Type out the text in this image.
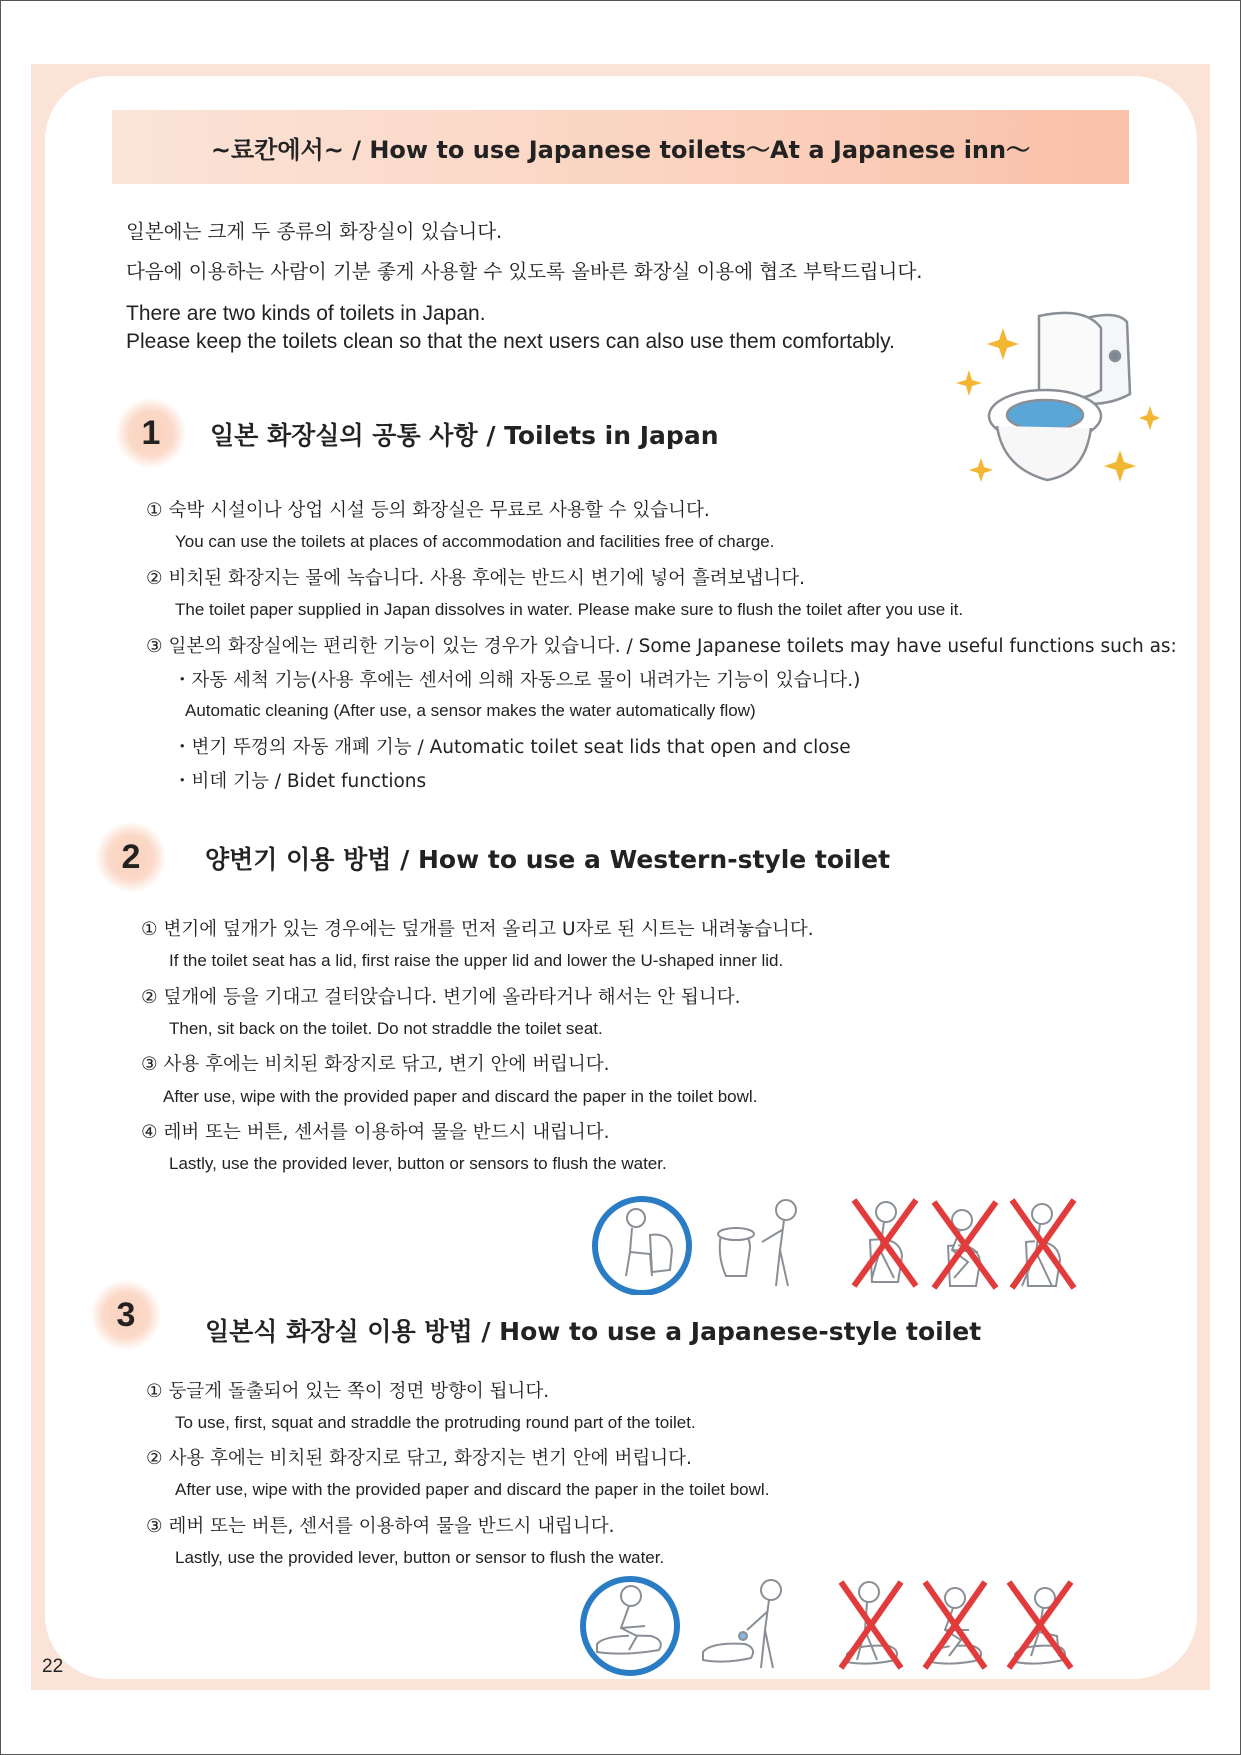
~료칸에서~ / How to use Japanese toilets～At a Japanese inn～
일본에는 크게 두 종류의 화장실이 있습니다.
다음에 이용하는 사람이 기분 좋게 사용할 수 있도록 올바른 화장실 이용에 협조 부탁드립니다.
There are two kinds of toilets in Japan.
Please keep the toilets clean so that the next users can also use them comfortably.
1	일본 화장실의 공통 사항 / Toilets in Japan
① 숙박 시설이나 상업 시설 등의 화장실은 무료로 사용할 수 있습니다.
You can use the toilets at places of accommodation and facilities free of charge.
② 비치된 화장지는 물에 녹습니다. 사용 후에는 반드시 변기에 넣어 흘려보냅니다.
The toilet paper supplied in Japan dissolves in water. Please make sure to flush the toilet after you use it.
③ 일본의 화장실에는 편리한 기능이 있는 경우가 있습니다. / Some Japanese toilets may have useful functions such as:
・자동 세척 기능(사용 후에는 센서에 의해 자동으로 물이 내려가는 기능이 있습니다.)
Automatic cleaning (After use, a sensor makes the water automatically flow)
・변기 뚜껑의 자동 개폐 기능 / Automatic toilet seat lids that open and close
・비데 기능 / Bidet functions
2	양변기 이용 방법 / How to use a Western-style toilet
① 변기에 덮개가 있는 경우에는 덮개를 먼저 올리고 U자로 된 시트는 내려놓습니다.
If the toilet seat has a lid, first raise the upper lid and lower the U-shaped inner lid.
② 덮개에 등을 기대고 걸터앉습니다. 변기에 올라타거나 해서는 안 됩니다.
Then, sit back on the toilet. Do not straddle the toilet seat.
③ 사용 후에는 비치된 화장지로 닦고, 변기 안에 버립니다.
After use, wipe with the provided paper and discard the paper in the toilet bowl.
④ 레버 또는 버튼, 센서를 이용하여 물을 반드시 내립니다.
Lastly, use the provided lever, button or sensors to flush the water.
3	일본식 화장실 이용 방법 / How to use a Japanese-style toilet
① 둥글게 돌출되어 있는 쪽이 정면 방향이 됩니다.
To use, first, squat and straddle the protruding round part of the toilet.
② 사용 후에는 비치된 화장지로 닦고, 화장지는 변기 안에 버립니다.
After use, wipe with the provided paper and discard the paper in the toilet bowl.
③ 레버 또는 버튼, 센서를 이용하여 물을 반드시 내립니다.
Lastly, use the provided lever, button or sensor to flush the water.
22
